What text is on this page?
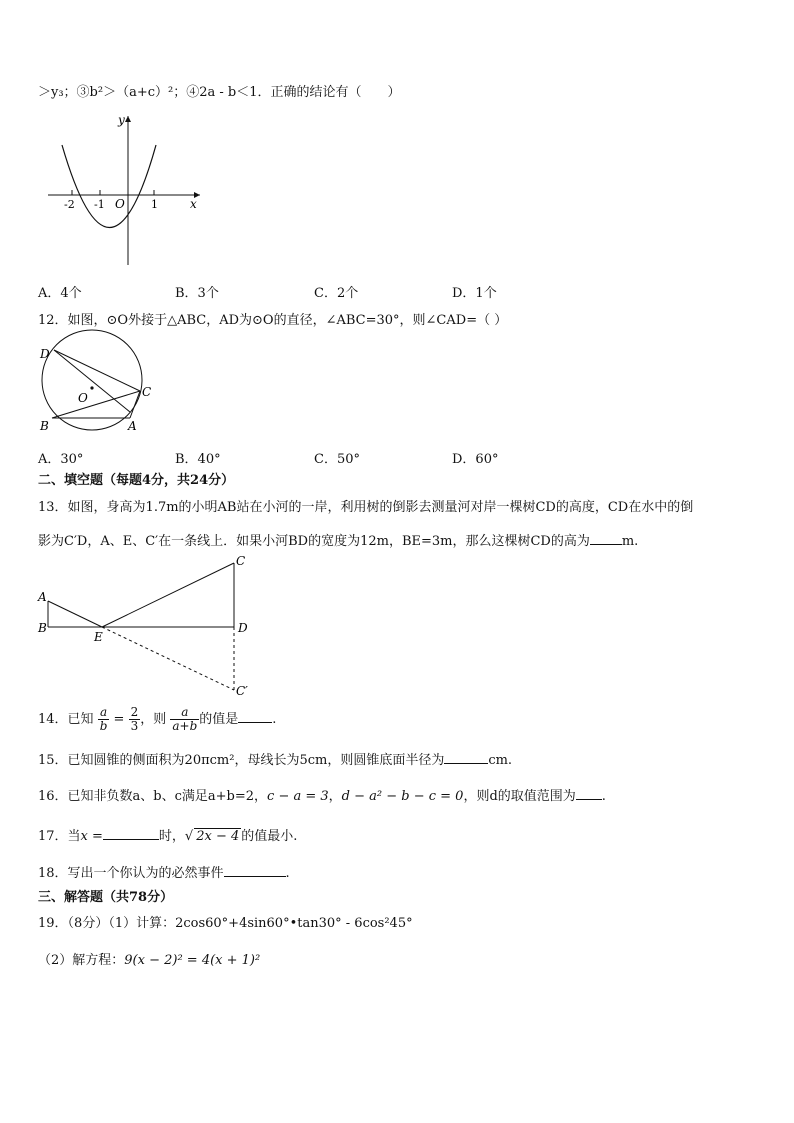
＞y₃；③b²＞（a+c）²；④2a - b＜1．正确的结论有（　　）
y
x
O
-2 -1	1
A．4个	B．3个	C．2个	D．1个
12．如图，⊙O外接于△ABC，AD为⊙O的直径，∠ABC=30°，则∠CAD=（ ）
D
O	C
B	A
A．30°	B．40°	C．50°	D．60°
二、填空题（每题4分，共24分）
13．如图，身高为1.7m的小明AB站在小河的一岸，利用树的倒影去测量河对岸一棵树CD的高度，CD在水中的倒
影为C′D，A、E、C′在一条线上．如果小河BD的宽度为12m，BE=3m，那么这棵树CD的高为 m.
A
B
E
C
D
C′
14．已知 $\frac{a}{b} = \frac{2}{3}$ ，则 $\frac{a}{a+b}$ 的值是	.
15．已知圆锥的侧面积为20πcm²，母线长为5cm，则圆锥底面半径为	cm.
16．已知非负数a、b、c满足a+b=2，c − a = 3，d − a² − b − c = 0，则d的取值范围为 .
17．当x =	时，√ 2x − 4 的值最小.
18．写出一个你认为的必然事件	.
三、解答题（共78分）
19．（8分）（1）计算：2cos60°+4sin60°•tan30° - 6cos²45°
（2）解方程：9(x − 2)² = 4(x + 1)²
